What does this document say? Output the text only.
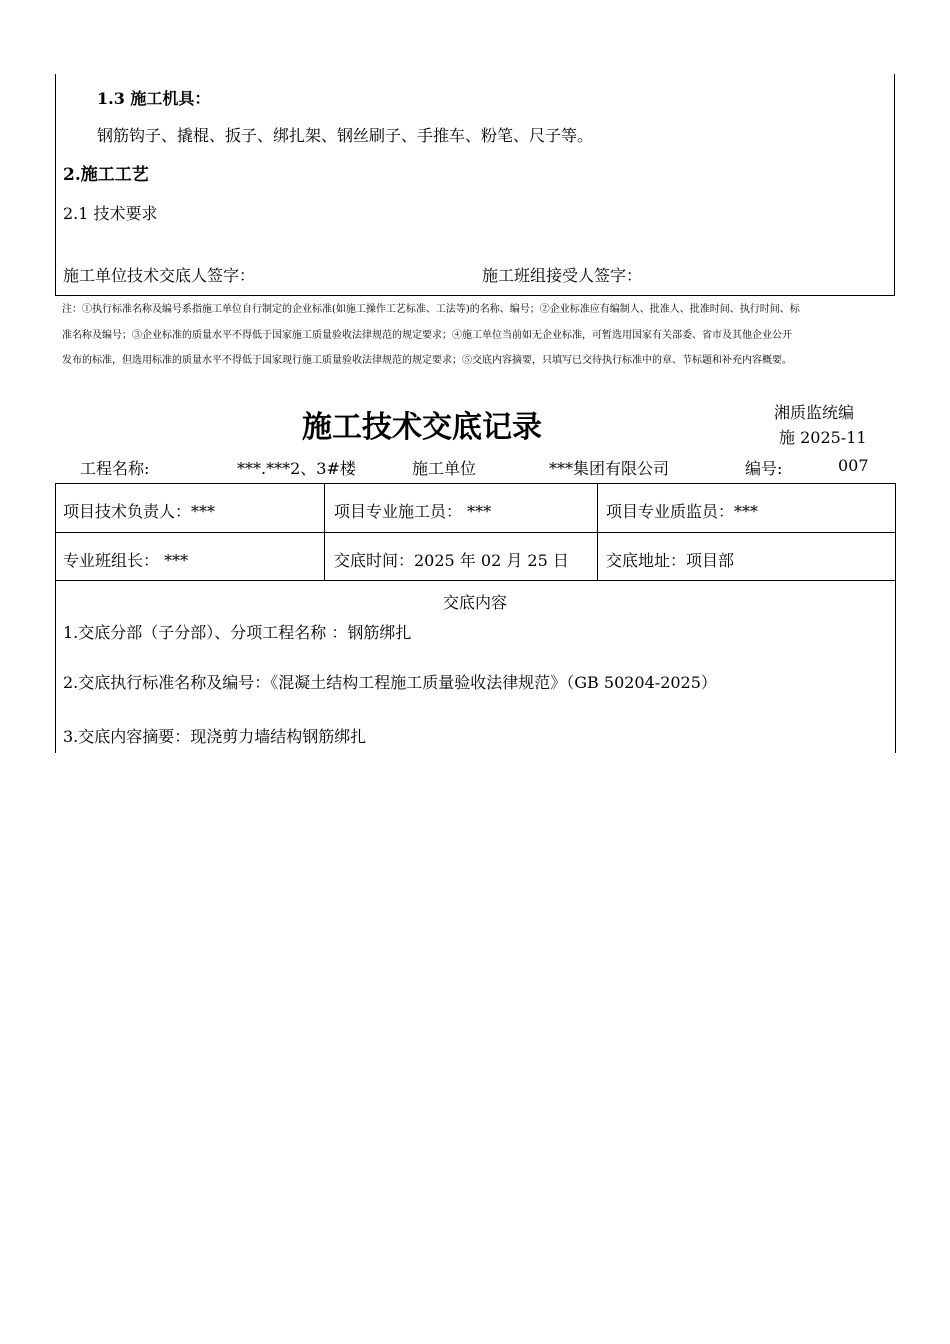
1.3 施工机具：
钢筋钩子、撬棍、扳子、绑扎架、钢丝刷子、手推车、粉笔、尺子等。
2.施工工艺
2.1 技术要求
施工单位技术交底人签字：	施工班组接受人签字：
注：①执行标准名称及编号系指施工单位自行制定的企业标准(如施工操作工艺标准、工法等)的名称、编号；②企业标准应有编制人、批准人、批准时间、执行时间、标
准名称及编号；③企业标准的质量水平不得低于国家施工质量验收法律规范的规定要求；④施工单位当前如无企业标准，可暂选用国家有关部委、省市及其他企业公开
发布的标准，但选用标准的质量水平不得低于国家现行施工质量验收法律规范的规定要求；⑤交底内容摘要，只填写已交待执行标准中的章、节标题和补充内容概要。
施工技术交底记录	湘质监统编
施 2025-11
工程名称:	***.***2、3#楼	施工单位	***集团有限公司	编号:	007
项目技术负责人：***	项目专业施工员： ***	项目专业质监员：***
专业班组长： ***	交底时间：2025 年 02 月 25 日 交底地址：项目部
交底内容
1.交底分部（子分部）、分项工程名称 ：钢筋绑扎
2.交底执行标准名称及编号：《混凝土结构工程施工质量验收法律规范》（GB 50204-2025）
3.交底内容摘要：现浇剪力墙结构钢筋绑扎
